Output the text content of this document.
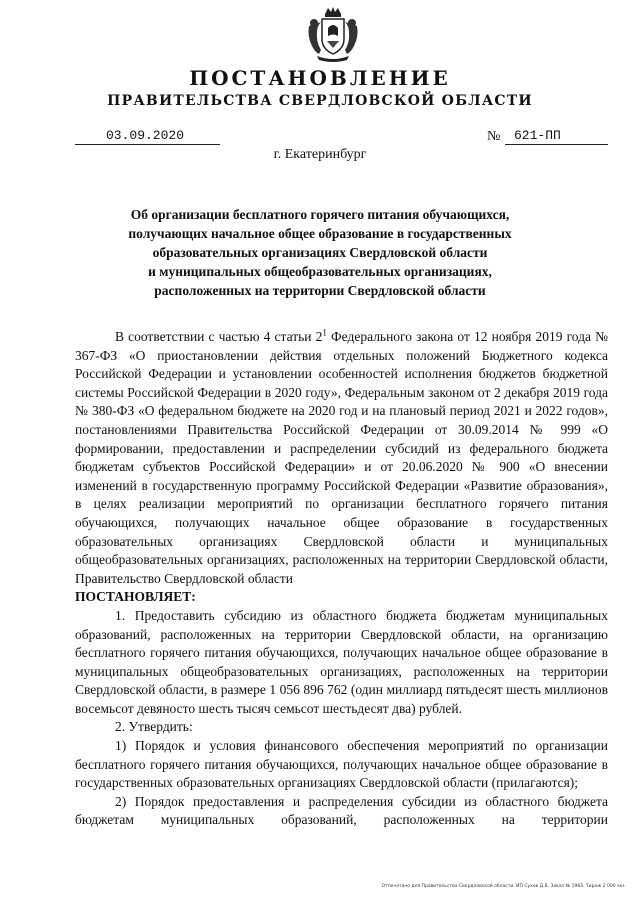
ПОСТАНОВЛЕНИЕ
ПРАВИТЕЛЬСТВА СВЕРДЛОВСКОЙ ОБЛАСТИ
03.09.2020	№	621-ПП
г. Екатеринбург
Об организации бесплатного горячего питания обучающихся,
получающих начальное общее образование в государственных
образовательных организациях Свердловской области
и муниципальных общеобразовательных организациях,
расположенных на территории Свердловской области

В соответствии с частью 4 статьи $2^1$ Федерального закона от 12 ноября 2019 года № 367-ФЗ «О приостановлении действия отдельных положений Бюджетного кодекса Российской Федерации и установлении особенностей исполнения бюджетов бюджетной системы Российской Федерации в 2020 году», Федеральным законом от 2 декабря 2019 года № 380-ФЗ «О федеральном бюджете на 2020 год и на плановый период 2021 и 2022 годов», постановлениями Правительства Российской Федерации от 30.09.2014 № 999 «О формировании, предоставлении и распределении субсидий из федерального бюджета бюджетам субъектов Российской Федерации» и от 20.06.2020 № 900 «О внесении изменений в государственную программу Российской Федерации «Развитие образования», в целях реализации мероприятий по организации бесплатного горячего питания обучающихся, получающих начальное общее образование в государственных образовательных организациях Свердловской области и муниципальных общеобразовательных организациях, расположенных на территории Свердловской области, Правительство Свердловской области

ПОСТАНОВЛЯЕТ:

1. Предоставить субсидию из областного бюджета бюджетам муниципальных образований, расположенных на территории Свердловской области, на организацию бесплатного горячего питания обучающихся, получающих начальное общее образование в муниципальных общеобразовательных организациях, расположенных на территории Свердловской области, в размере 1 056 896 762 (один миллиард пятьдесят шесть миллионов восемьсот девяносто шесть тысяч семьсот шестьдесят два) рублей.

2. Утвердить:

1) Порядок и условия финансового обеспечения мероприятий по организации бесплатного горячего питания обучающихся, получающих начальное общее образование в государственных образовательных организациях Свердловской области (прилагаются);

2) Порядок предоставления и распределения субсидии из областного бюджета бюджетам муниципальных образований, расположенных на территории

Отпечатано для Правительства Свердловской области. ИП Сухов Д.В. Заказ № 1963. Тираж 2 000 экз.
